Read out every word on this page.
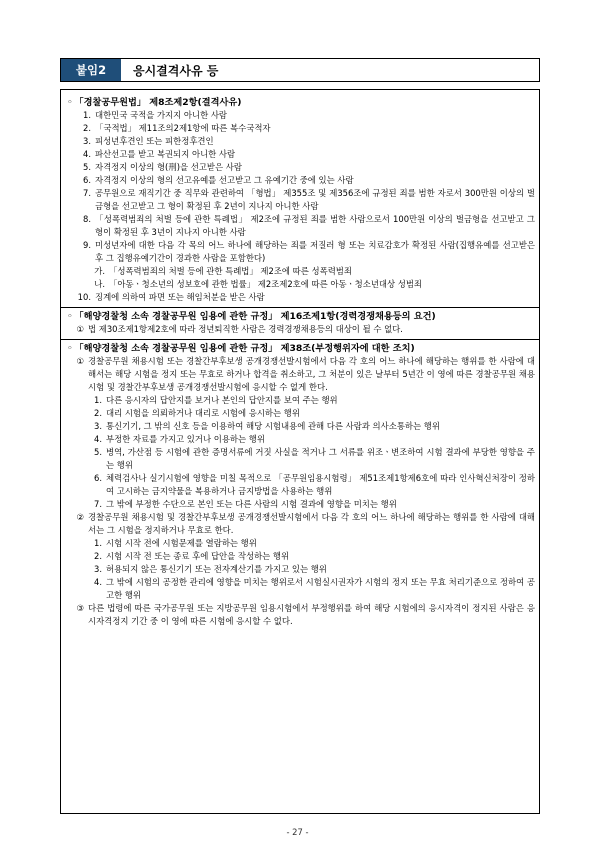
붙임2	응시결격사유 등
◦ 「경찰공무원법」 제8조제2항(결격사유)
1. 대한민국 국적을 가지지 아니한 사람
2. 「국적법」 제11조의2제1항에 따른 복수국적자
3. 피성년후견인 또는 피한정후견인
4. 파산선고를 받고 복권되지 아니한 사람
5. 자격정지 이상의 형(刑)을 선고받은 사람
6. 자격정지 이상의 형의 선고유예를 선고받고 그 유예기간 중에 있는 사람
7. 공무원으로 재직기간 중 직무와 관련하여 「형법」 제355조 및 제356조에 규정된 죄를 범한 자로서 300만원 이상의 벌금형을 선고받고 그 형이 확정된 후 2년이 지나지 아니한 사람
8. 「성폭력범죄의 처벌 등에 관한 특례법」 제2조에 규정된 죄를 범한 사람으로서 100만원 이상의 벌금형을 선고받고 그 형이 확정된 후 3년이 지나지 아니한 사람
9. 미성년자에 대한 다음 각 목의 어느 하나에 해당하는 죄를 저질러 형 또는 치료감호가 확정된 사람(집행유예를 선고받은 후 그 집행유예기간이 경과한 사람을 포함한다)
가. 「성폭력범죄의 처벌 등에 관한 특례법」 제2조에 따른 성폭력범죄
나. 「아동ㆍ청소년의 성보호에 관한 법률」 제2조제2호에 따른 아동ㆍ청소년대상 성범죄
10. 징계에 의하여 파면 또는 해임처분을 받은 사람
◦ 「해양경찰청 소속 경찰공무원 임용에 관한 규정」 제16조제1항(경력경쟁채용등의 요건)
① 법 제30조제1항제2호에 따라 정년퇴직한 사람은 경력경쟁채용등의 대상이 될 수 없다.
◦ 「해양경찰청 소속 경찰공무원 임용에 관한 규정」 제38조(부정행위자에 대한 조치)
① 경찰공무원 채용시험 또는 경찰간부후보생 공개경쟁선발시험에서 다음 각 호의 어느 하나에 해당하는 행위를 한 사람에 대해서는 해당 시험을 정지 또는 무효로 하거나 합격을 취소하고, 그 처분이 있은 날부터 5년간 이 영에 따른 경찰공무원 채용시험 및 경찰간부후보생 공개경쟁선발시험에 응시할 수 없게 한다.
1. 다른 응시자의 답안지를 보거나 본인의 답안지를 보여 주는 행위
2. 대리 시험을 의뢰하거나 대리로 시험에 응시하는 행위
3. 통신기기, 그 밖의 신호 등을 이용하여 해당 시험내용에 관해 다른 사람과 의사소통하는 행위
4. 부정한 자료를 가지고 있거나 이용하는 행위
5. 병역, 가산점 등 시험에 관한 증명서류에 거짓 사실을 적거나 그 서류를 위조ㆍ변조하여 시험 결과에 부당한 영향을 주는 행위
6. 체력검사나 실기시험에 영향을 미칠 목적으로 「공무원임용시험령」 제51조제1항제6호에 따라 인사혁신처장이 정하여 고시하는 금지약물을 복용하거나 금지방법을 사용하는 행위
7. 그 밖에 부정한 수단으로 본인 또는 다른 사람의 시험 결과에 영향을 미치는 행위
② 경찰공무원 채용시험 및 경찰간부후보생 공개경쟁선발시험에서 다음 각 호의 어느 하나에 해당하는 행위를 한 사람에 대해서는 그 시험을 정지하거나 무효로 한다.
1. 시험 시작 전에 시험문제를 열람하는 행위
2. 시험 시작 전 또는 종료 후에 답안을 작성하는 행위
3. 허용되지 않은 통신기기 또는 전자계산기를 가지고 있는 행위
4. 그 밖에 시험의 공정한 관리에 영향을 미치는 행위로서 시험실시권자가 시험의 정지 또는 무효 처리기준으로 정하여 공고한 행위
③ 다른 법령에 따른 국가공무원 또는 지방공무원 임용시험에서 부정행위를 하여 해당 시험에의 응시자격이 정지된 사람은 응시자격정지 기간 중 이 영에 따른 시험에 응시할 수 없다.
- 27 -
